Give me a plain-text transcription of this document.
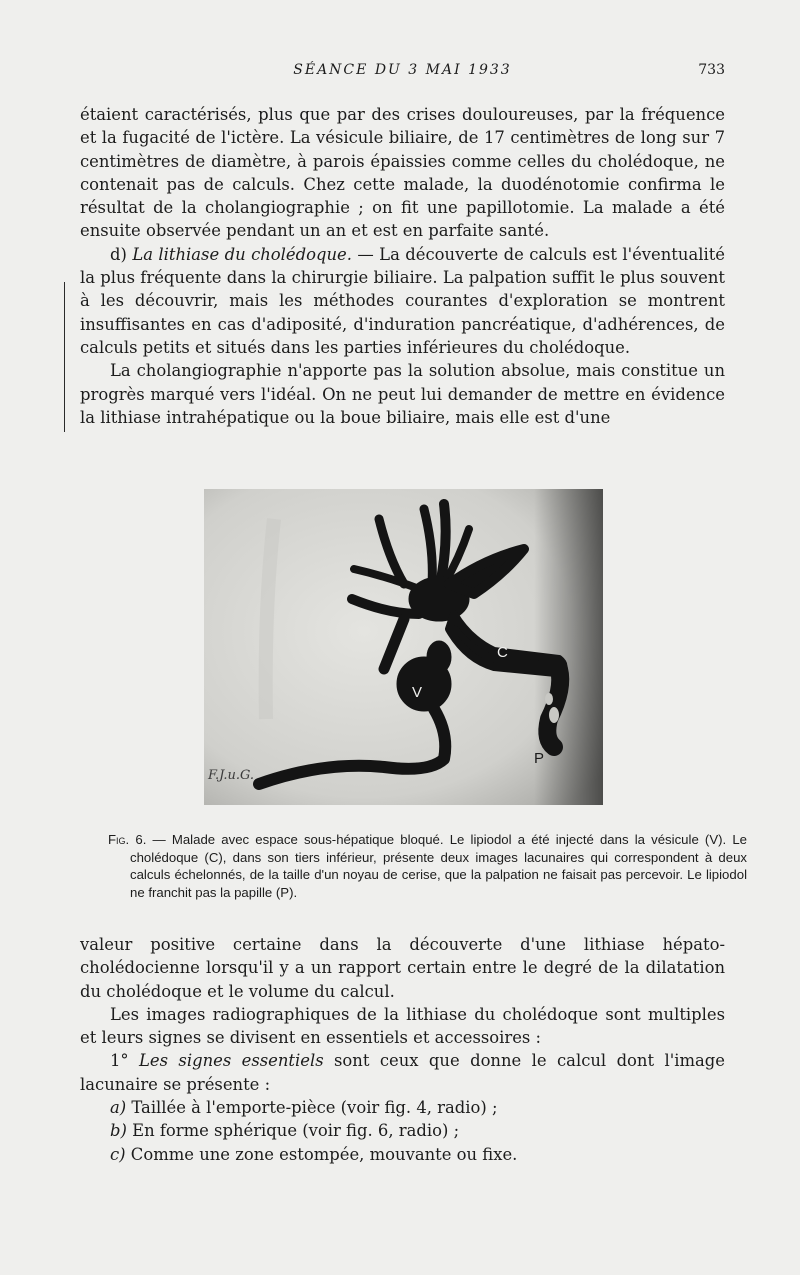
SÉANCE DU 3 MAI 1933	733

étaient caractérisés, plus que par des crises douloureuses, par la fréquence et la fugacité de l'ictère. La vésicule biliaire, de 17 centimètres de long sur 7 centimètres de diamètre, à parois épaissies comme celles du cholédoque, ne contenait pas de calculs. Chez cette malade, la duodénotomie confirma le résultat de la cholangiographie ; on fit une papillotomie. La malade a été ensuite observée pendant un an et est en parfaite santé.

d) La lithiase du cholédoque. — La découverte de calculs est l'éventualité la plus fréquente dans la chirurgie biliaire. La palpation suffit le plus souvent à les découvrir, mais les méthodes courantes d'exploration se montrent insuffisantes en cas d'adiposité, d'induration pancréatique, d'adhérences, de calculs petits et situés dans les parties inférieures du cholédoque.

La cholangiographie n'apporte pas la solution absolue, mais constitue un progrès marqué vers l'idéal. On ne peut lui demander de mettre en évidence la lithiase intrahépatique ou la boue biliaire, mais elle est d'une

C
V
P
F.J.u.G.
Fig. 6. — Malade avec espace sous-hépatique bloqué. Le lipiodol a été injecté dans la vésicule (V). Le cholédoque (C), dans son tiers inférieur, présente deux images lacunaires qui correspondent à deux calculs échelonnés, de la taille d'un noyau de cerise, que la palpation ne faisait pas percevoir. Le lipiodol ne franchit pas la papille (P).

valeur positive certaine dans la découverte d'une lithiase hépato-cholédocienne lorsqu'il y a un rapport certain entre le degré de la dilatation du cholédoque et le volume du calcul.

Les images radiographiques de la lithiase du cholédoque sont multiples et leurs signes se divisent en essentiels et accessoires :

1° Les signes essentiels sont ceux que donne le calcul dont l'image lacunaire se présente :

a) Taillée à l'emporte-pièce (voir fig. 4, radio) ;

b) En forme sphérique (voir fig. 6, radio) ;

c) Comme une zone estompée, mouvante ou fixe.
